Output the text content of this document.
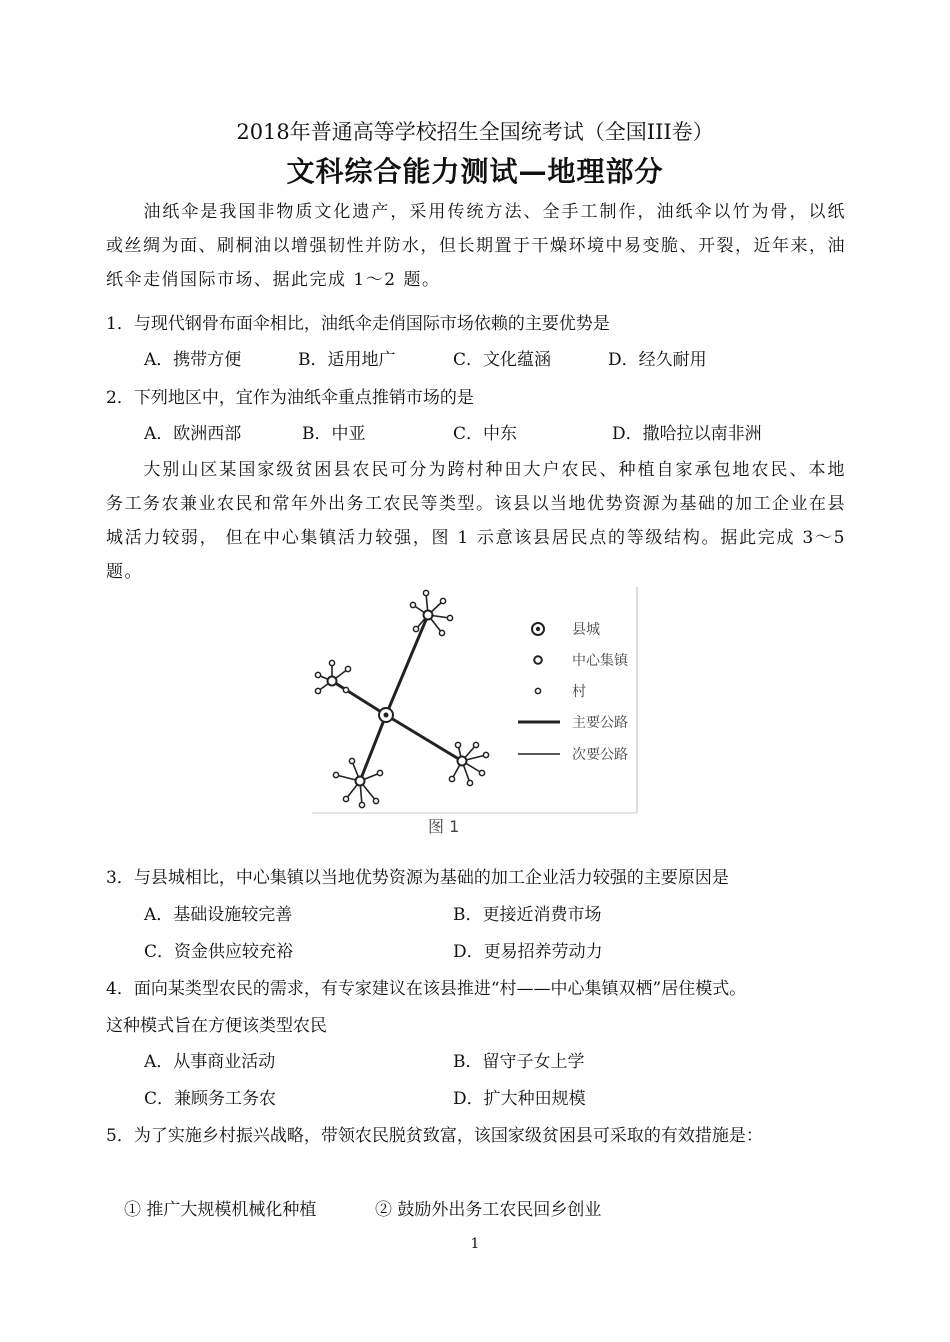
2018年普通高等学校招生全国统考试（全国III卷）
文科综合能力测试—地理部分
油纸伞是我国非物质文化遗产，采用传统方法、全手工制作，油纸伞以竹为骨，以纸或丝绸为面、刷桐油以增强韧性并防水，但长期置于干燥环境中易变脆、开裂，近年来，油纸伞走俏国际市场、据此完成 1～2 题。
1．与现代钢骨布面伞相比，油纸伞走俏国际市场依赖的主要优势是
A．携带方便	B．适用地广	C．文化蕴涵	D．经久耐用
2．下列地区中，宜作为油纸伞重点推销市场的是
A．欧洲西部	B．中亚	C．中东	D．撒哈拉以南非洲
大别山区某国家级贫困县农民可分为跨村种田大户农民、种植自家承包地农民、本地务工务农兼业农民和常年外出务工农民等类型。该县以当地优势资源为基础的加工企业在县城活力较弱， 但在中心集镇活力较强，图 1 示意该县居民点的等级结构。据此完成 3～5 题。
县城
中心集镇
村
主要公路
次要公路
图 1
3．与县城相比，中心集镇以当地优势资源为基础的加工企业活力较强的主要原因是
A．基础设施较完善	B．更接近消费市场
C．资金供应较充裕	D．更易招养劳动力
4．面向某类型农民的需求，有专家建议在该县推进“村——中心集镇双栖”居住模式。
这种模式旨在方便该类型农民
A．从事商业活动	B．留守子女上学
C．兼顾务工务农	D．扩大种田规模
5．为了实施乡村振兴战略，带领农民脱贫致富，该国家级贫困县可采取的有效措施是：
① 推广大规模机械化种植	② 鼓励外出务工农民回乡创业
1
